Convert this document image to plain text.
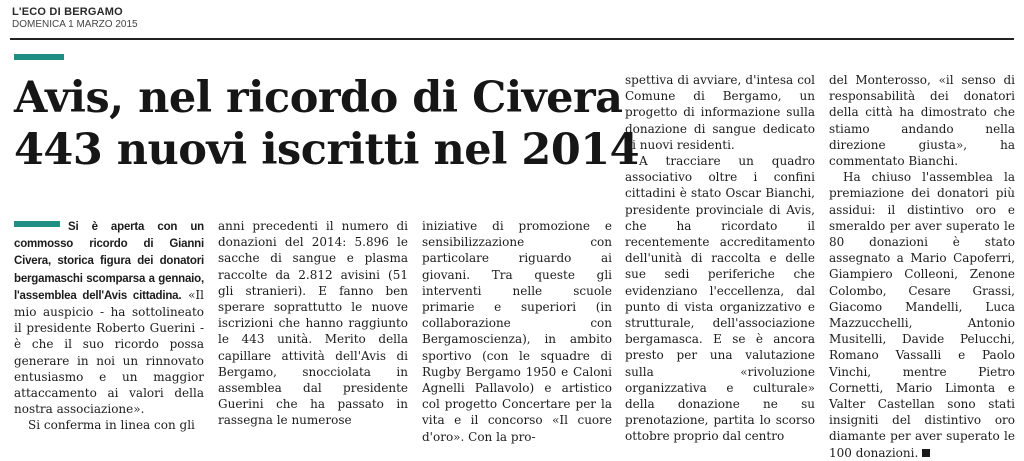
L'ECO DI BERGAMO
DOMENICA 1 MARZO 2015
Avis, nel ricordo di Civera
443 nuovi iscritti nel 2014

Si è aperta con un commosso ricordo di Gianni Civera, storica figura dei donatori bergamaschi scomparsa a gennaio, l'assemblea dell'Avis cittadina. «Il mio auspicio - ha sottolineato il presidente Roberto Guerini - è che il suo ricordo possa generare in noi un rinnovato entusiasmo e un maggior attaccamento ai valori della nostra associazione».

Si conferma in linea con gli

anni precedenti il numero di donazioni del 2014: 5.896 le sacche di sangue e plasma raccolte da 2.812 avisini (51 gli stranieri). E fanno ben sperare soprattutto le nuove iscrizioni che hanno raggiunto le 443 unità. Merito della capillare attività dell'Avis di Bergamo, snocciolata in assemblea dal presidente Guerini che ha passato in rassegna le numerose

iniziative di promozione e sensibilizzazione con particolare riguardo ai giovani. Tra queste gli interventi nelle scuole primarie e superiori (in collaborazione con Bergamoscienza), in ambito sportivo (con le squadre di Rugby Bergamo 1950 e Caloni Agnelli Pallavolo) e artistico col progetto Concertare per la vita e il concorso «Il cuore d'oro». Con la pro-

spettiva di avviare, d'intesa col Comune di Bergamo, un progetto di informazione sulla donazione di sangue dedicato ai nuovi residenti.

A tracciare un quadro associativo oltre i confini cittadini è stato Oscar Bianchi, presidente provinciale di Avis, che ha ricordato il recentemente accreditamento dell'unità di raccolta e delle sue sedi periferiche che evidenziano l'eccellenza, dal punto di vista organizzativo e strutturale, dell'associazione bergamasca. E se è ancora presto per una valutazione sulla «rivoluzione organizzativa e culturale» della donazione ne su prenotazione, partita lo scorso ottobre proprio dal centro

del Monterosso, «il senso di responsabilità dei donatori della città ha dimostrato che stiamo andando nella direzione giusta», ha commentato Bianchi.

Ha chiuso l'assemblea la premiazione dei donatori più assidui: il distintivo oro e smeraldo per aver superato le 80 donazioni è stato assegnato a Mario Capoferri, Giampiero Colleoni, Zenone Colombo, Cesare Grassi, Giacomo Mandelli, Luca Mazzucchelli, Antonio Musitelli, Davide Pelucchi, Romano Vassalli e Paolo Vinchi, mentre Pietro Cornetti, Mario Limonta e Valter Castellan sono stati insigniti del distintivo oro diamante per aver superato le 100 donazioni.
